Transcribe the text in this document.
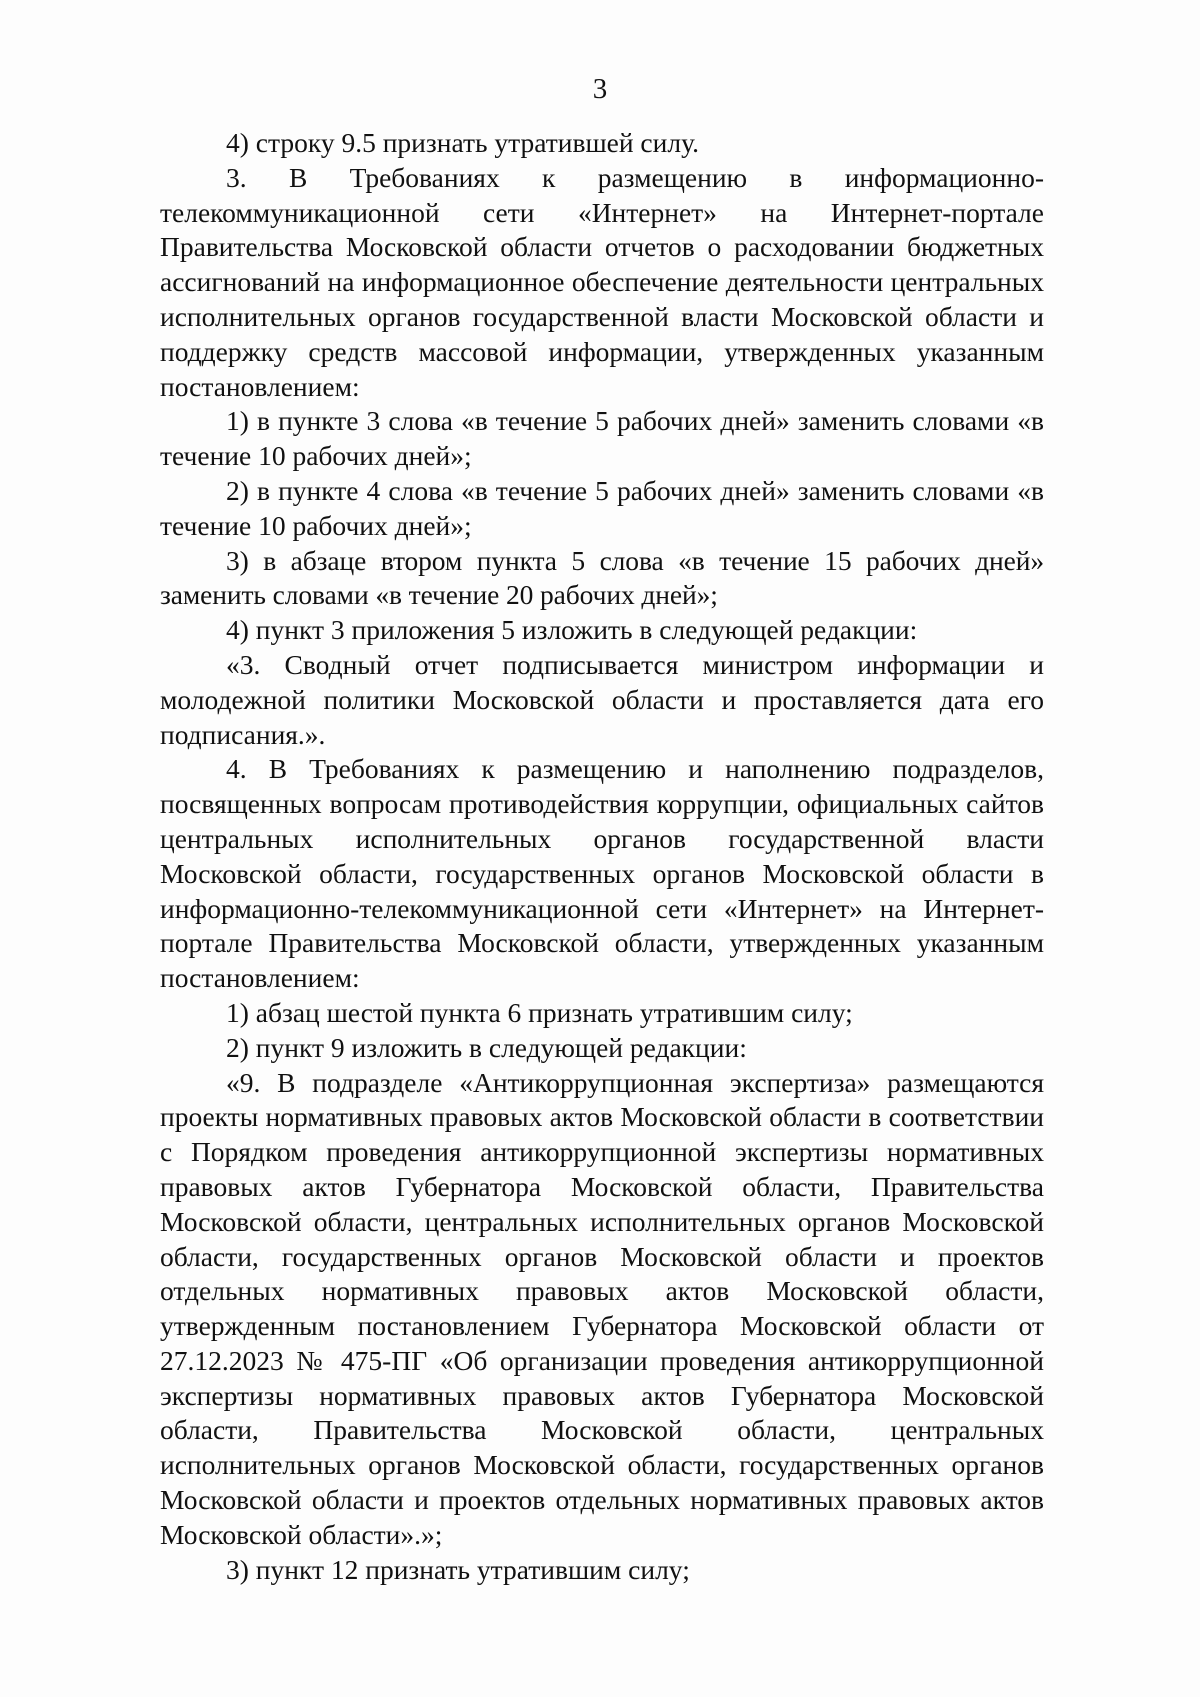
3

4) строку 9.5 признать утратившей силу.

3. В Требованиях к размещению в информационно-телекоммуникационной сети «Интернет» на Интернет-портале Правительства Московской области отчетов о расходовании бюджетных ассигнований на информационное обеспечение деятельности центральных исполнительных органов государственной власти Московской области и поддержку средств массовой информации, утвержденных указанным постановлением:

1) в пункте 3 слова «в течение 5 рабочих дней» заменить словами «в течение 10 рабочих дней»;

2) в пункте 4 слова «в течение 5 рабочих дней» заменить словами «в течение 10 рабочих дней»;

3) в абзаце втором пункта 5 слова «в течение 15 рабочих дней» заменить словами «в течение 20 рабочих дней»;

4) пункт 3 приложения 5 изложить в следующей редакции:

«3. Сводный отчет подписывается министром информации и молодежной политики Московской области и проставляется дата его подписания.».

4. В Требованиях к размещению и наполнению подразделов, посвященных вопросам противодействия коррупции, официальных сайтов центральных исполнительных органов государственной власти Московской области, государственных органов Московской области в информационно-телекоммуникационной сети «Интернет» на Интернет-портале Правительства Московской области, утвержденных указанным постановлением:

1) абзац шестой пункта 6 признать утратившим силу;

2) пункт 9 изложить в следующей редакции:

«9. В подразделе «Антикоррупционная экспертиза» размещаются проекты нормативных правовых актов Московской области в соответствии с Порядком проведения антикоррупционной экспертизы нормативных правовых актов Губернатора Московской области, Правительства Московской области, центральных исполнительных органов Московской области, государственных органов Московской области и проектов отдельных нормативных правовых актов Московской области, утвержденным постановлением Губернатора Московской области от 27.12.2023 № 475-ПГ «Об организации проведения антикоррупционной экспертизы нормативных правовых актов Губернатора Московской области, Правительства Московской области, центральных исполнительных органов Московской области, государственных органов Московской области и проектов отдельных нормативных правовых актов Московской области».»;

3) пункт 12 признать утратившим силу;
